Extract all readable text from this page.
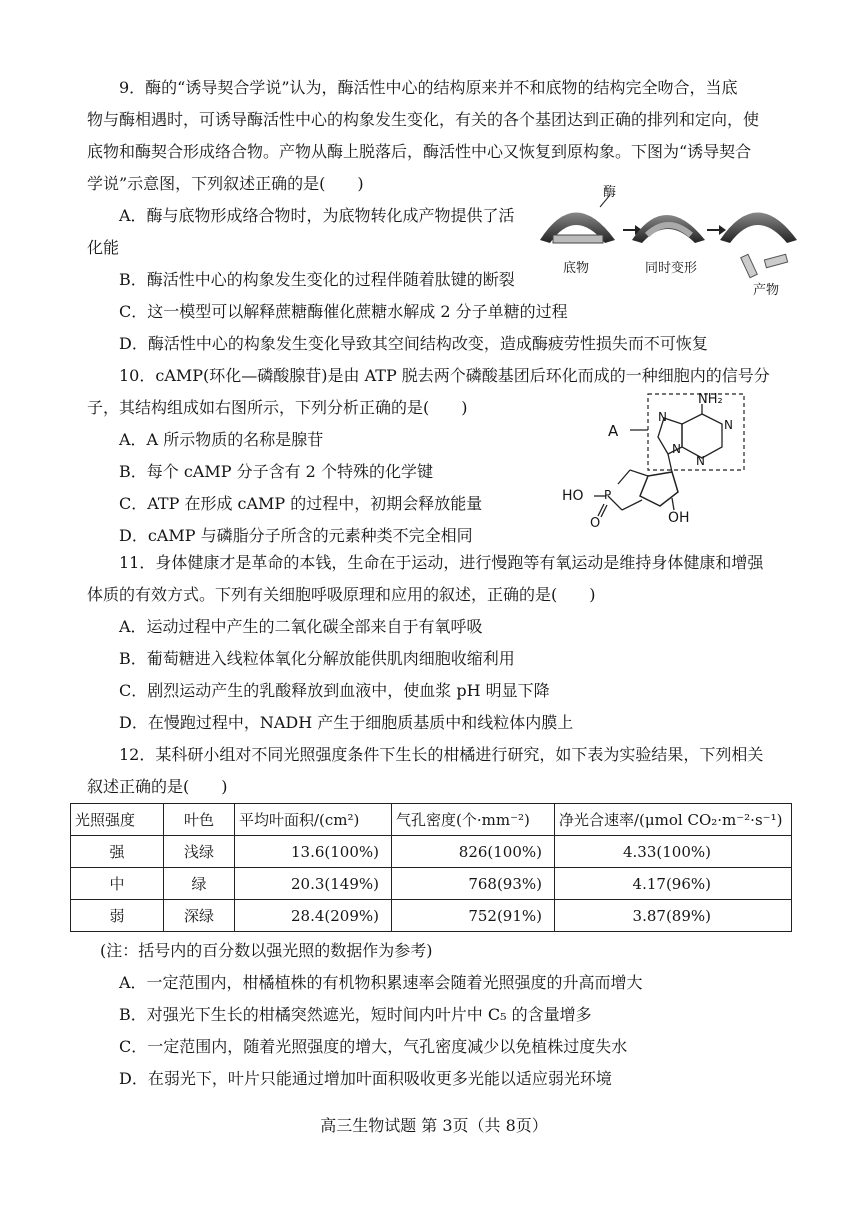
9．酶的“诱导契合学说”认为，酶活性中心的结构原来并不和底物的结构完全吻合，当底
物与酶相遇时，可诱导酶活性中心的构象发生变化，有关的各个基团达到正确的排列和定向，使
底物和酶契合形成络合物。产物从酶上脱落后，酶活性中心又恢复到原构象。下图为“诱导契合
学说”示意图，下列叙述正确的是(　　)
A．酶与底物形成络合物时，为底物转化成产物提供了活
化能
B．酶活性中心的构象发生变化的过程伴随着肽键的断裂
C．这一模型可以解释蔗糖酶催化蔗糖水解成 2 分子单糖的过程
D．酶活性中心的构象发生变化导致其空间结构改变，造成酶疲劳性损失而不可恢复
酶
底物	同时变形
产物
10．cAMP(环化—磷酸腺苷)是由 ATP 脱去两个磷酸基团后环化而成的一种细胞内的信号分
子，其结构组成如右图所示，下列分析正确的是(　　)
A．A 所示物质的名称是腺苷
B．每个 cAMP 分子含有 2 个特殊的化学键
C．ATP 在形成 cAMP 的过程中，初期会释放能量
D．cAMP 与磷脂分子所含的元素种类不完全相同
A
NH₂
N
N
N
N
HO P
O	OH
11．身体健康才是革命的本钱，生命在于运动，进行慢跑等有氧运动是维持身体健康和增强
体质的有效方式。下列有关细胞呼吸原理和应用的叙述，正确的是(　　)
A．运动过程中产生的二氧化碳全部来自于有氧呼吸
B．葡萄糖进入线粒体氧化分解放能供肌肉细胞收缩利用
C．剧烈运动产生的乳酸释放到血液中，使血浆 pH 明显下降
D．在慢跑过程中，NADH 产生于细胞质基质中和线粒体内膜上
12．某科研小组对不同光照强度条件下生长的柑橘进行研究，如下表为实验结果，下列相关
叙述正确的是(　　)
光照强度	叶色	平均叶面积/(cm²)	气孔密度(个·mm⁻²)	净光合速率/(μmol CO₂·m⁻²·s⁻¹)
强	浅绿	13.6(100%)	826(100%)	4.33(100%)
中	绿	20.3(149%)	768(93%)	4.17(96%)
弱	深绿	28.4(209%)	752(91%)	3.87(89%)
(注：括号内的百分数以强光照的数据作为参考)
A．一定范围内，柑橘植株的有机物积累速率会随着光照强度的升高而增大
B．对强光下生长的柑橘突然遮光，短时间内叶片中 C₅ 的含量增多
C．一定范围内，随着光照强度的增大，气孔密度减少以免植株过度失水
D．在弱光下，叶片只能通过增加叶面积吸收更多光能以适应弱光环境
高三生物试题 第 3页（共 8页）
